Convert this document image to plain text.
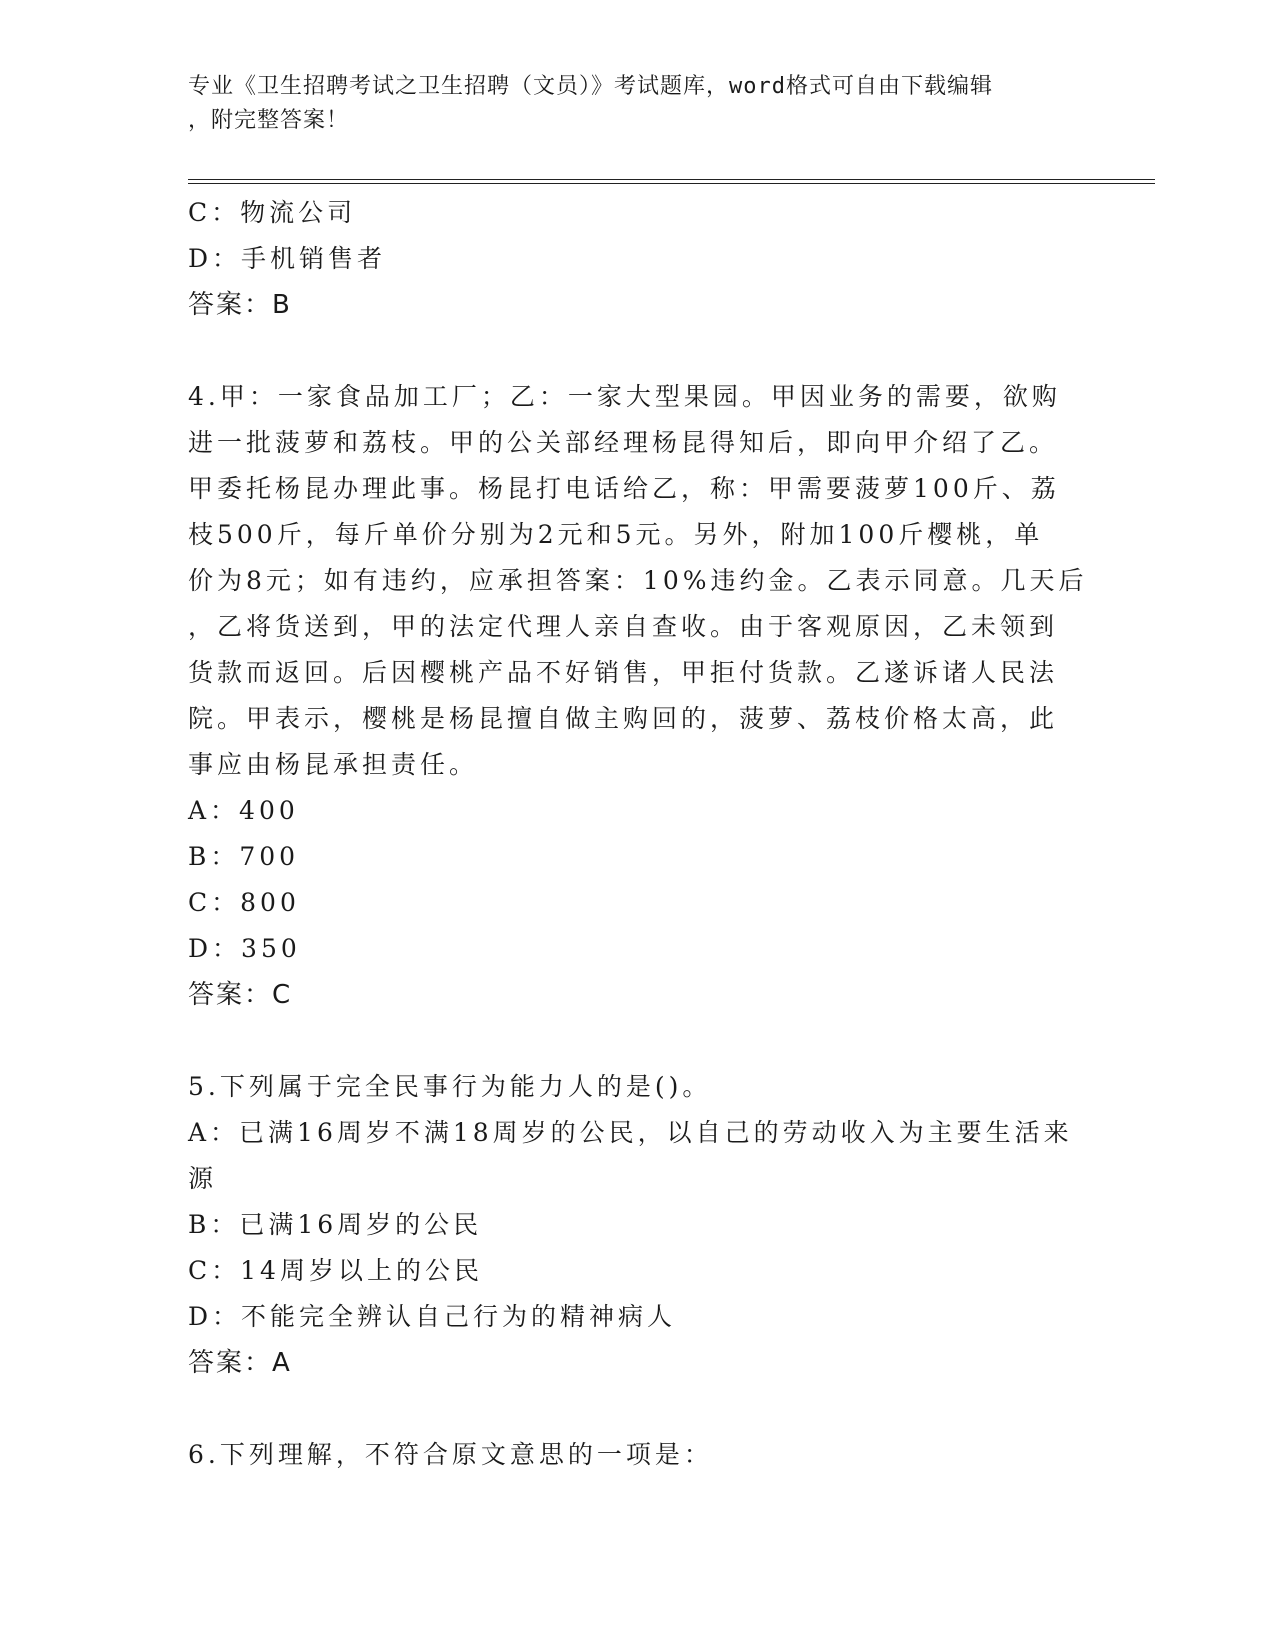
专业《卫生招聘考试之卫生招聘（文员）》考试题库，word格式可自由下载编辑
，附完整答案！
C：物流公司
D：手机销售者
答案：B
4.甲：一家食品加工厂；乙：一家大型果园。甲因业务的需要，欲购
进一批菠萝和荔枝。甲的公关部经理杨昆得知后，即向甲介绍了乙。
甲委托杨昆办理此事。杨昆打电话给乙，称：甲需要菠萝100斤、荔
枝500斤，每斤单价分别为2元和5元。另外，附加100斤樱桃，单
价为8元；如有违约，应承担答案：10%违约金。乙表示同意。几天后
，乙将货送到，甲的法定代理人亲自查收。由于客观原因，乙未领到
货款而返回。后因樱桃产品不好销售，甲拒付货款。乙遂诉诸人民法
院。甲表示，樱桃是杨昆擅自做主购回的，菠萝、荔枝价格太高，此
事应由杨昆承担责任。
A：400
B：700
C：800
D：350
答案：C
5.下列属于完全民事行为能力人的是()。
A：已满16周岁不满18周岁的公民，以自己的劳动收入为主要生活来
源
B：已满16周岁的公民
C：14周岁以上的公民
D：不能完全辨认自己行为的精神病人
答案：A
6.下列理解，不符合原文意思的一项是：
